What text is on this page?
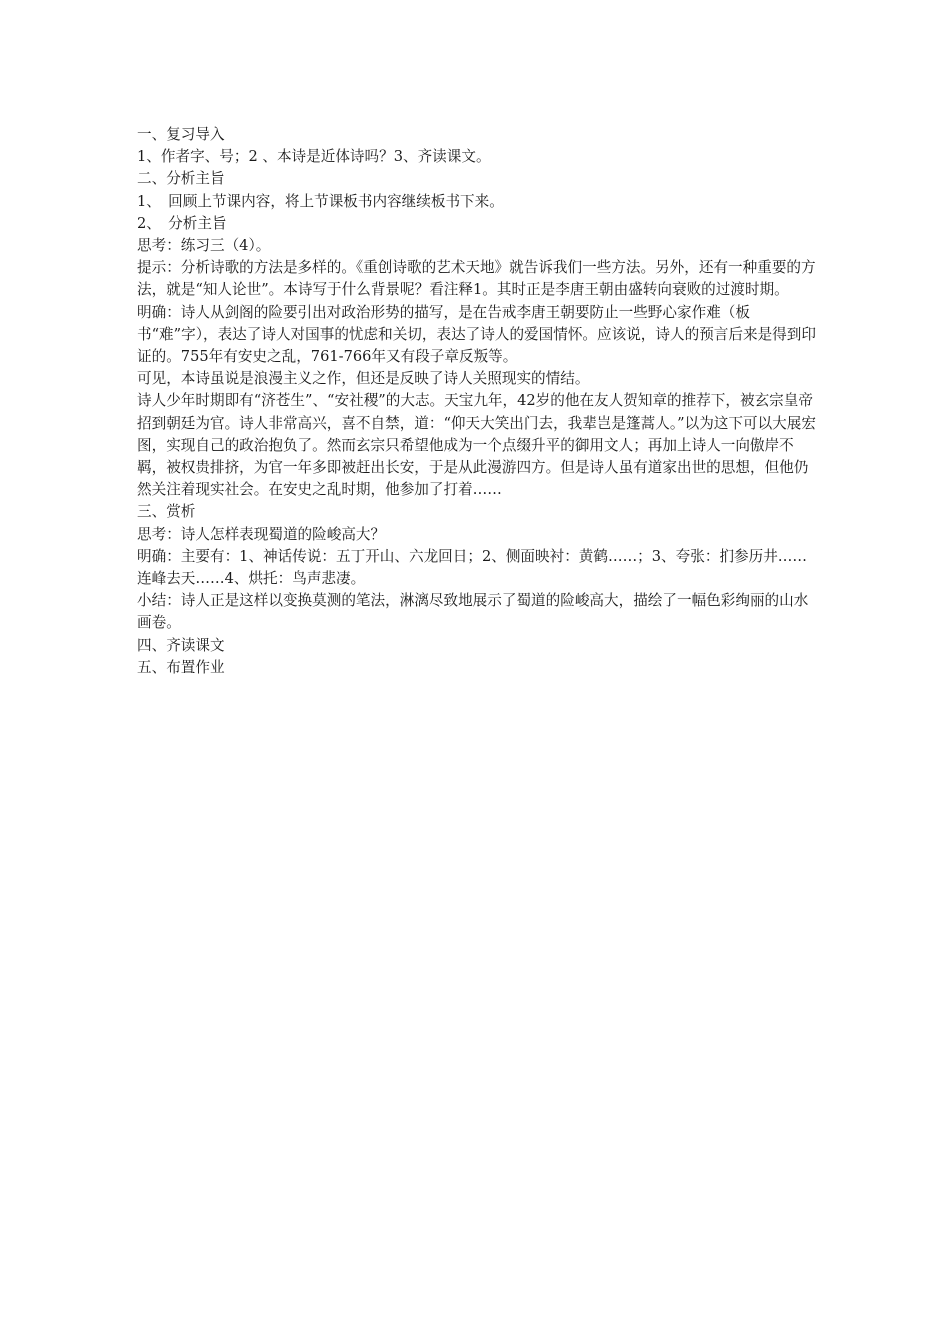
一、复习导入

1、作者字、号；2 、本诗是近体诗吗？3、齐读课文。

二、分析主旨

1、　回顾上节课内容，将上节课板书内容继续板书下来。

2、　分析主旨

思考：练习三（4）。

提示：分析诗歌的方法是多样的。《重创诗歌的艺术天地》就告诉我们一些方法。另外，还有一种重要的方法，就是“知人论世”。本诗写于什么背景呢？看注释1。其时正是李唐王朝由盛转向衰败的过渡时期。

明确：诗人从剑阁的险要引出对政治形势的描写，是在告戒李唐王朝要防止一些野心家作难（板书“难”字），表达了诗人对国事的忧虑和关切，表达了诗人的爱国情怀。应该说，诗人的预言后来是得到印证的。755年有安史之乱，761-766年又有段子章反叛等。

可见，本诗虽说是浪漫主义之作，但还是反映了诗人关照现实的情结。

诗人少年时期即有“济苍生”、“安社稷”的大志。天宝九年，42岁的他在友人贺知章的推荐下，被玄宗皇帝招到朝廷为官。诗人非常高兴，喜不自禁，道：“仰天大笑出门去，我辈岂是篷蒿人。”以为这下可以大展宏图，实现自己的政治抱负了。然而玄宗只希望他成为一个点缀升平的御用文人；再加上诗人一向傲岸不羁，被权贵排挤，为官一年多即被赶出长安，于是从此漫游四方。但是诗人虽有道家出世的思想，但他仍然关注着现实社会。在安史之乱时期，他参加了打着……

三、赏析

思考：诗人怎样表现蜀道的险峻高大？

明确：主要有：1、神话传说：五丁开山、六龙回日；2、侧面映衬：黄鹤……；3、夸张：扪参历井……连峰去天……4、烘托：鸟声悲凄。

小结：诗人正是这样以变换莫测的笔法，淋漓尽致地展示了蜀道的险峻高大，描绘了一幅色彩绚丽的山水画卷。

四、齐读课文

五、布置作业
